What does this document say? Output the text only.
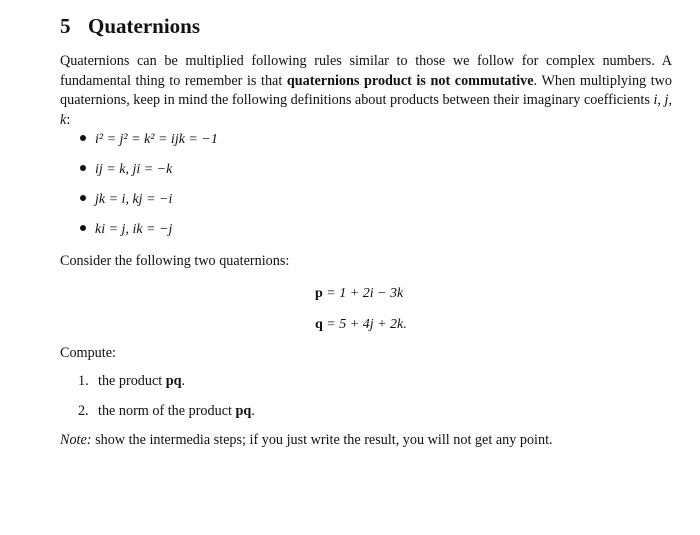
5 Quaternions
Quaternions can be multiplied following rules similar to those we follow for complex numbers. A fundamental thing to remember is that quaternions product is not commutative. When multiplying two quaternions, keep in mind the following definitions about products between their imaginary coefficients i, j, k:
i² = j² = k² = ijk = −1
ij = k, ji = −k
jk = i, kj = −i
ki = j, ik = −j
Consider the following two quaternions:
p = 1 + 2i − 3k
q = 5 + 4j + 2k.
Compute:
1. the product pq.
2. the norm of the product pq.
Note: show the intermedia steps; if you just write the result, you will not get any point.
